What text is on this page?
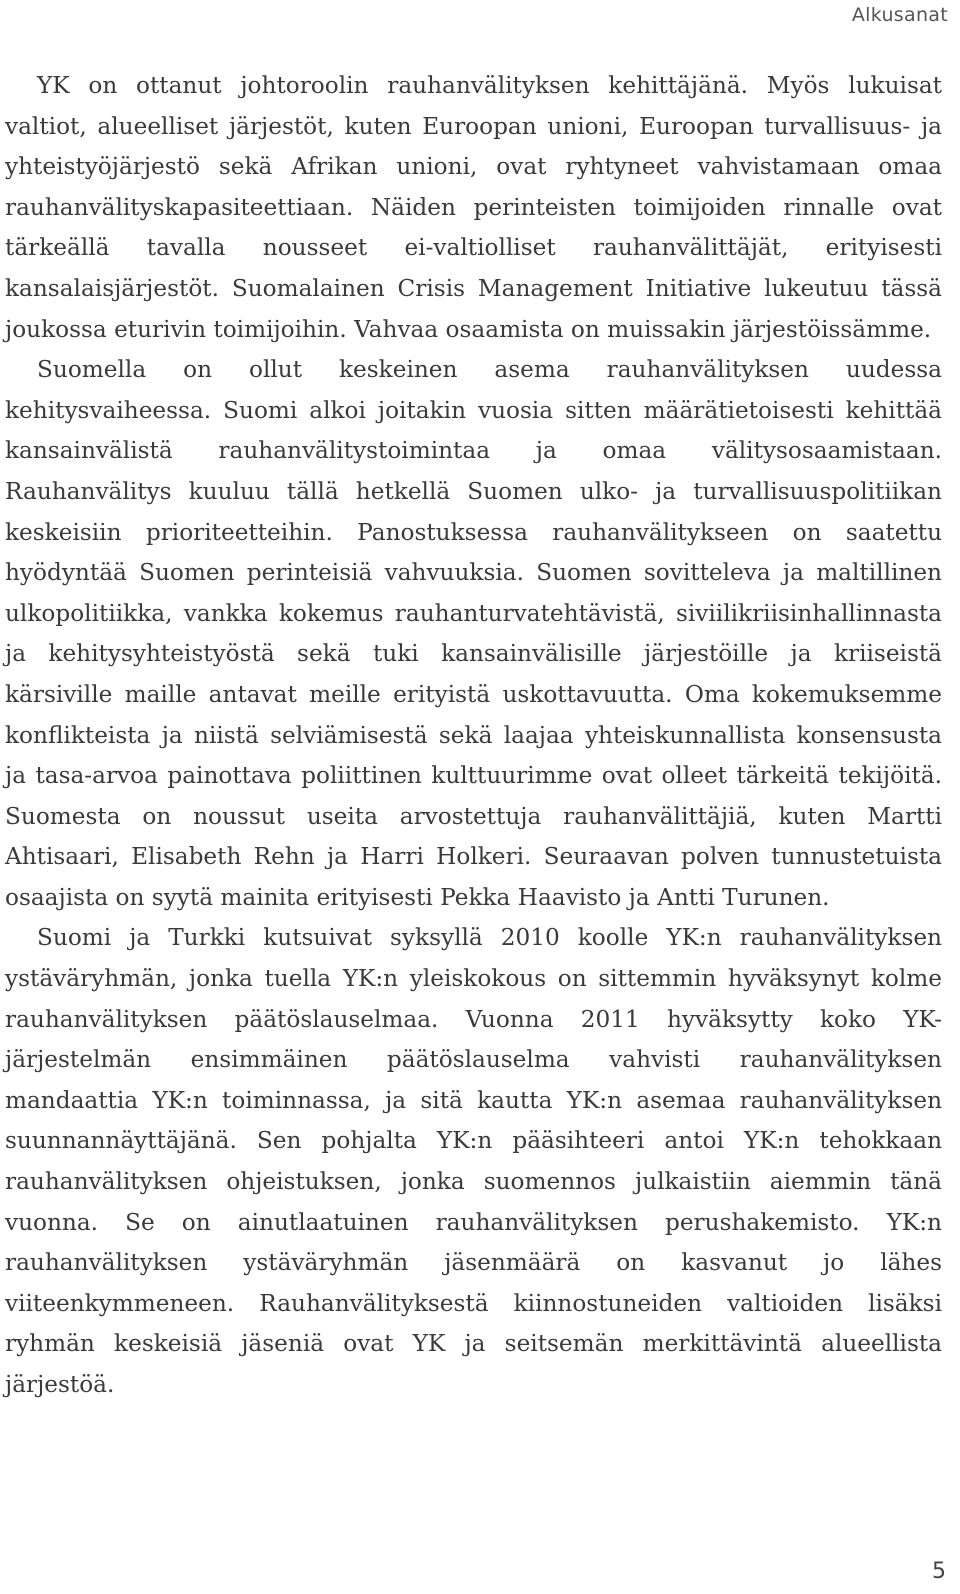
Alkusanat

YK on ottanut johtoroolin rauhanvälityksen kehittäjänä. Myös lukuisat valtiot, alueelliset järjestöt, kuten Euroopan unioni, Euroopan turvallisuus- ja yhteistyöjärjestö sekä Afrikan unioni, ovat ryhtyneet vahvistamaan omaa rauhanvälityskapasiteettiaan. Näiden perinteisten toimijoiden rinnalle ovat tärkeällä tavalla nousseet ei-valtiolliset rauhanvälittäjät, erityisesti kansalaisjärjestöt. Suomalainen Crisis Management Initiative lukeutuu tässä joukossa eturivin toimijoihin. Vahvaa osaamista on muissakin järjestöissämme.

Suomella on ollut keskeinen asema rauhanvälityksen uudessa kehitysvaiheessa. Suomi alkoi joitakin vuosia sitten määrätietoisesti kehittää kansainvälistä rauhanvälitystoimintaa ja omaa välitysosaamistaan. Rauhanvälitys kuuluu tällä hetkellä Suomen ulko- ja turvallisuuspolitiikan keskeisiin prioriteetteihin. Panostuksessa rauhanvälitykseen on saatettu hyödyntää Suomen perinteisiä vahvuuksia. Suomen sovitteleva ja maltillinen ulkopolitiikka, vankka kokemus rauhanturvatehtävistä, siviilikriisinhallinnasta ja kehitysyhteistyöstä sekä tuki kansainvälisille järjestöille ja kriiseistä kärsiville maille antavat meille erityistä uskottavuutta. Oma kokemuksemme konflikteista ja niistä selviämisestä sekä laajaa yhteiskunnallista konsensusta ja tasa-arvoa painottava poliittinen kulttuurimme ovat olleet tärkeitä tekijöitä. Suomesta on noussut useita arvostettuja rauhanvälittäjiä, kuten Martti Ahtisaari, Elisabeth Rehn ja Harri Holkeri. Seuraavan polven tunnustetuista osaajista on syytä mainita erityisesti Pekka Haavisto ja Antti Turunen.

Suomi ja Turkki kutsuivat syksyllä 2010 koolle YK:n rauhanvälityksen ystäväryhmän, jonka tuella YK:n yleiskokous on sittemmin hyväksynyt kolme rauhanvälityksen päätöslauselmaa. Vuonna 2011 hyväksytty koko YK-järjestelmän ensimmäinen päätöslauselma vahvisti rauhanvälityksen mandaattia YK:n toiminnassa, ja sitä kautta YK:n asemaa rauhanvälityksen suunnannäyttäjänä. Sen pohjalta YK:n pääsihteeri antoi YK:n tehokkaan rauhanvälityksen ohjeistuksen, jonka suomennos julkaistiin aiemmin tänä vuonna. Se on ainutlaatuinen rauhanvälityksen perushakemisto. YK:n rauhanvälityksen ystäväryhmän jäsenmäärä on kasvanut jo lähes viiteenkymmeneen. Rauhanvälityksestä kiinnostuneiden valtioiden lisäksi ryhmän keskeisiä jäseniä ovat YK ja seitsemän merkittävintä alueellista järjestöä.

5
